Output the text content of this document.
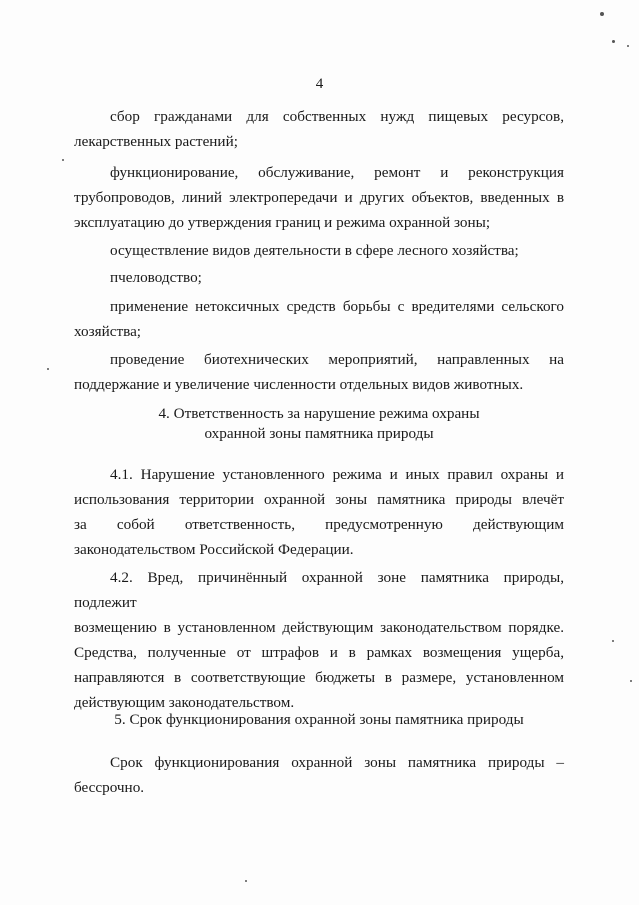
4
сбор гражданами для собственных нужд пищевых ресурсов,
лекарственных растений;
функционирование, обслуживание, ремонт и реконструкция
трубопроводов, линий электропередачи и других объектов, введенных в
эксплуатацию до утверждения границ и режима охранной зоны;
осуществление видов деятельности в сфере лесного хозяйства;
пчеловодство;
применение нетоксичных средств борьбы с вредителями сельского
хозяйства;
проведение биотехнических мероприятий, направленных на
поддержание и увеличение численности отдельных видов животных.
4. Ответственность за нарушение режима охраны
охранной зоны памятника природы
4.1. Нарушение установленного режима и иных правил охраны и
использования территории охранной зоны памятника природы влечёт
за собой ответственность, предусмотренную действующим
законодательством Российской Федерации.
4.2. Вред, причинённый охранной зоне памятника природы, подлежит
возмещению в установленном действующим законодательством порядке.
Средства, полученные от штрафов и в рамках возмещения ущерба,
направляются в соответствующие бюджеты в размере, установленном
действующим законодательством.
5. Срок функционирования охранной зоны памятника природы
Срок функционирования охранной зоны памятника природы –
бессрочно.
